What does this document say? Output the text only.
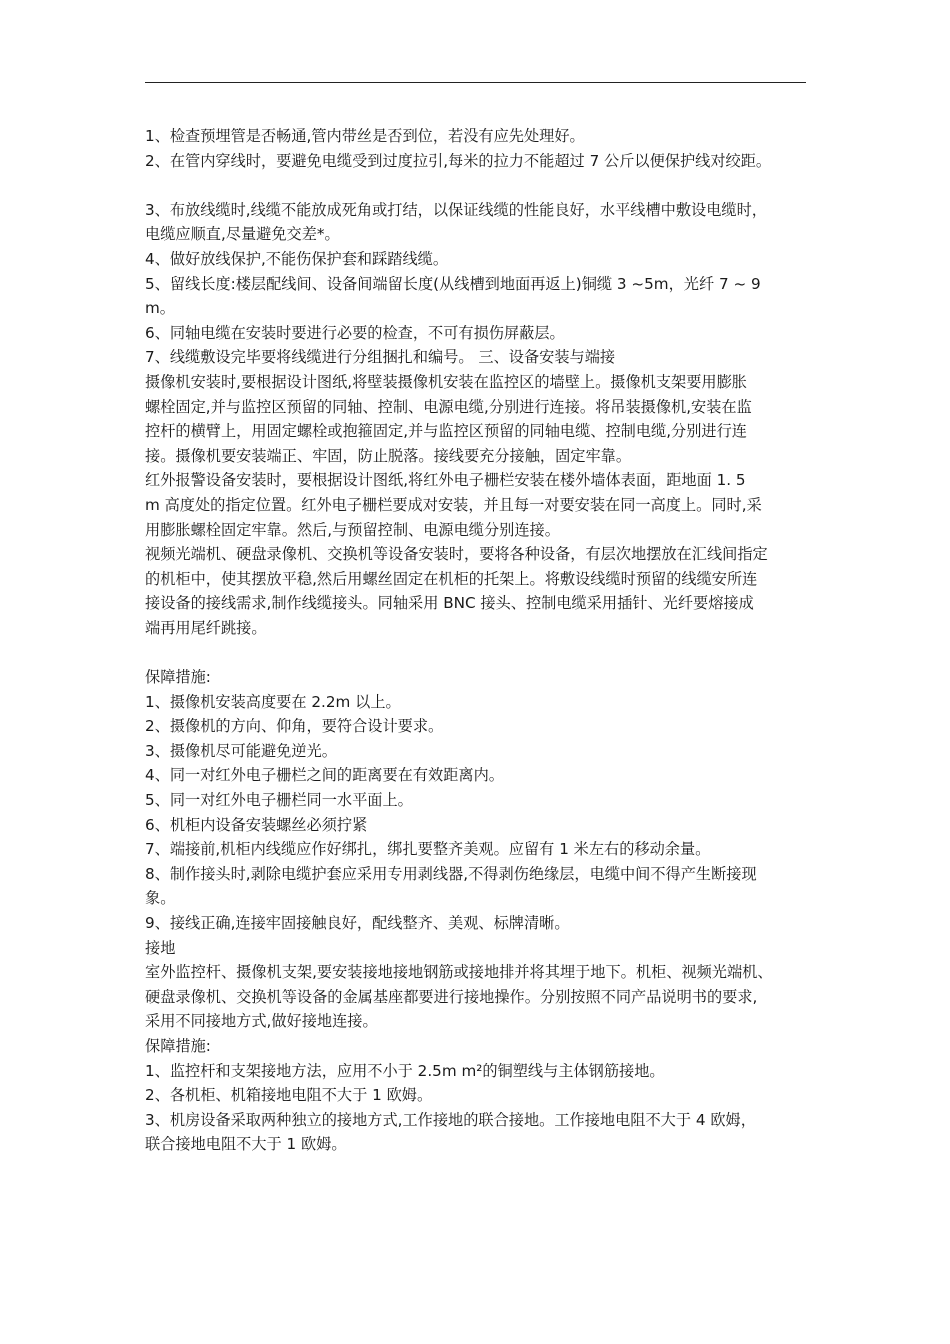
1、检查预埋管是否畅通,管内带丝是否到位，若没有应先处理好。
2、在管内穿线时，要避免电缆受到过度拉引,每米的拉力不能超过 7 公斤以便保护线对绞距。
3、布放线缆时,线缆不能放成死角或打结，以保证线缆的性能良好，水平线槽中敷设电缆时，
电缆应顺直,尽量避免交差*。
4、做好放线保护,不能伤保护套和踩踏线缆。
5、留线长度:楼层配线间、设备间端留长度(从线槽到地面再返上)铜缆 3 ~5m，光纤 7 ~ 9
m。
6、同轴电缆在安装时要进行必要的检查，不可有损伤屏蔽层。
7、线缆敷设完毕要将线缆进行分组捆扎和编号。 三、设备安装与端接
摄像机安装时,要根据设计图纸,将壁装摄像机安装在监控区的墙壁上。摄像机支架要用膨胀
螺栓固定,并与监控区预留的同轴、控制、电源电缆,分别进行连接。将吊装摄像机,安装在监
控杆的横臂上，用固定螺栓或抱箍固定,并与监控区预留的同轴电缆、控制电缆,分别进行连
接。摄像机要安装端正、牢固，防止脱落。接线要充分接触，固定牢靠。
红外报警设备安装时，要根据设计图纸,将红外电子栅栏安装在楼外墙体表面，距地面 1. 5
m 高度处的指定位置。红外电子栅栏要成对安装，并且每一对要安装在同一高度上。同时,采
用膨胀螺栓固定牢靠。然后,与预留控制、电源电缆分别连接。
视频光端机、硬盘录像机、交换机等设备安装时，要将各种设备，有层次地摆放在汇线间指定
的机柜中，使其摆放平稳,然后用螺丝固定在机柜的托架上。将敷设线缆时预留的线缆安所连
接设备的接线需求,制作线缆接头。同轴采用 BNC 接头、控制电缆采用插针、光纤要熔接成
端再用尾纤跳接。
保障措施:
1、摄像机安装高度要在 2.2m 以上。
2、摄像机的方向、仰角，要符合设计要求。
3、摄像机尽可能避免逆光。
4、同一对红外电子栅栏之间的距离要在有效距离内。
5、同一对红外电子栅栏同一水平面上。
6、机柜内设备安装螺丝必须拧紧
7、端接前,机柜内线缆应作好绑扎，绑扎要整齐美观。应留有 1 米左右的移动余量。
8、制作接头时,剥除电缆护套应采用专用剥线器,不得剥伤绝缘层，电缆中间不得产生断接现
象。
9、接线正确,连接牢固接触良好，配线整齐、美观、标牌清晰。
接地
室外监控杆、摄像机支架,要安装接地接地钢筋或接地排并将其埋于地下。机柜、视频光端机、
硬盘录像机、交换机等设备的金属基座都要进行接地操作。分别按照不同产品说明书的要求,
采用不同接地方式,做好接地连接。
保障措施:
1、监控杆和支架接地方法，应用不小于 2.5m m²的铜塑线与主体钢筋接地。
2、各机柜、机箱接地电阻不大于 1 欧姆。
3、机房设备采取两种独立的接地方式,工作接地的联合接地。工作接地电阻不大于 4 欧姆，
联合接地电阻不大于 1 欧姆。
